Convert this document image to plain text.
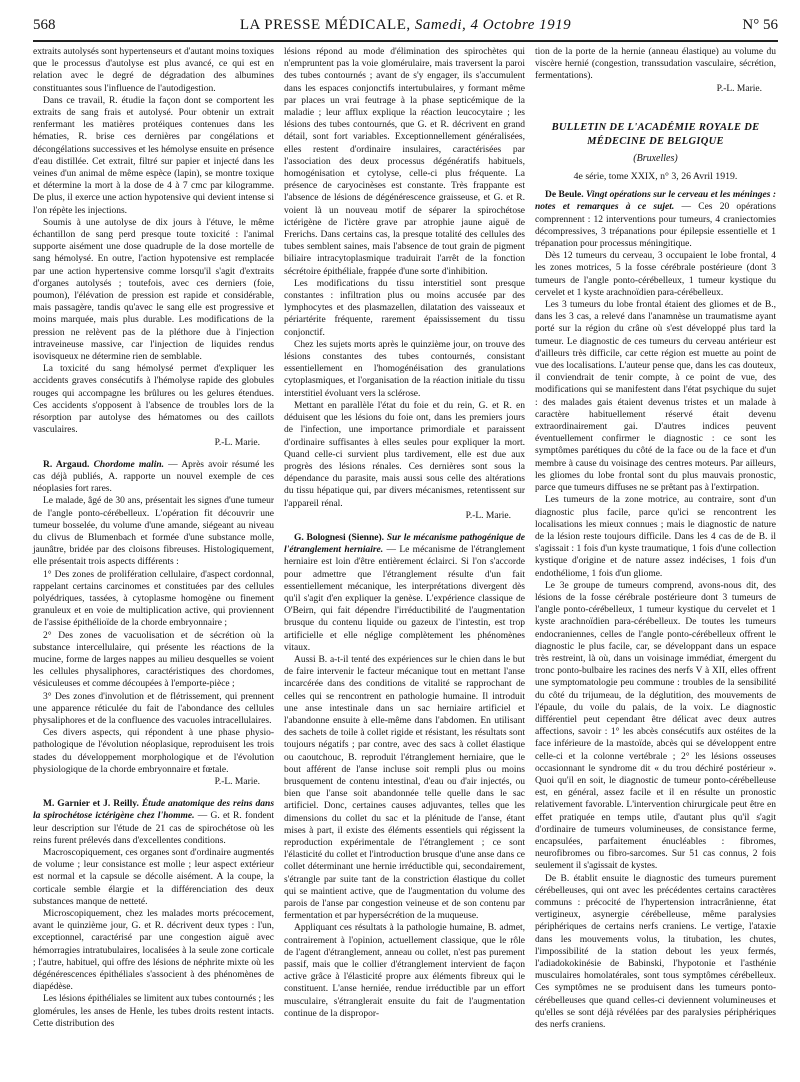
568	LA PRESSE MÉDICALE, Samedi, 4 Octobre 1919	N° 56

extraits autolysés sont hypertenseurs et d'autant moins toxiques que le processus d'autolyse est plus avancé, ce qui est en relation avec le degré de dégradation des albumines constituantes sous l'influence de l'autodigestion.

Dans ce travail, R. étudie la façon dont se comportent les extraits de sang frais et autolysé. Pour obtenir un extrait renfermant les matières protéiques contenues dans les hématies, R. brise ces dernières par congélations et décongélations successives et les hémolyse ensuite en présence d'eau distillée. Cet extrait, filtré sur papier et injecté dans les veines d'un animal de même espèce (lapin), se montre toxique et détermine la mort à la dose de 4 à 7 cmc par kilogramme. De plus, il exerce une action hypotensive qui devient intense si l'on répète les injections.

Soumis à une autolyse de dix jours à l'étuve, le même échantillon de sang perd presque toute toxicité : l'animal supporte aisément une dose quadruple de la dose mortelle de sang hémolysé. En outre, l'action hypotensive est remplacée par une action hypertensive comme lorsqu'il s'agit d'extraits d'organes autolysés ; toutefois, avec ces derniers (foie, poumon), l'élévation de pression est rapide et considérable, mais passagère, tandis qu'avec le sang elle est progressive et moins marquée, mais plus durable. Les modifications de la pression ne relèvent pas de la pléthore due à l'injection intraveineuse massive, car l'injection de liquides rendus isovisqueux ne détermine rien de semblable.

La toxicité du sang hémolysé permet d'expliquer les accidents graves consécutifs à l'hémolyse rapide des globules rouges qui accompagne les brûlures ou les gelures étendues. Ces accidents s'opposent à l'absence de troubles lors de la résorption par autolyse des hématomes ou des caillots vasculaires.

P.-L. Marie.

R. Argaud. Chordome malin. — Après avoir résumé les cas déjà publiés, A. rapporte un nouvel exemple de ces néoplasies fort rares.

Le malade, âgé de 30 ans, présentait les signes d'une tumeur de l'angle ponto-cérébelleux. L'opération fit découvrir une tumeur bosselée, du volume d'une amande, siégeant au niveau du clivus de Blumenbach et formée d'une substance molle, jaunâtre, bridée par des cloisons fibreuses. Histologiquement, elle présentait trois aspects différents :

1° Des zones de prolifération cellulaire, d'aspect cordonnal, rappelant certains carcinomes et constituées par des cellules polyédriques, tassées, à cytoplasme homogène ou finement granuleux et en voie de multiplication active, qui proviennent de l'assise épithélioïde de la chorde embryonnaire ;

2° Des zones de vacuolisation et de sécrétion où la substance intercellulaire, qui présente les réactions de la mucine, forme de larges nappes au milieu desquelles se voient les cellules physaliphores, caractéristiques des chordomes, vésiculeuses et comme découpées à l'emporte-pièce ;

3° Des zones d'involution et de flétrissement, qui prennent une apparence réticulée du fait de l'abondance des cellules physaliphores et de la confluence des vacuoles intracellulaires.

Ces divers aspects, qui répondent à une phase physio-pathologique de l'évolution néoplasique, reproduisent les trois stades du développement morphologique et de l'évolution physiologique de la chorde embryonnaire et fœtale.

P.-L. Marie.

M. Garnier et J. Reilly. Étude anatomique des reins dans la spirochétose ictérigène chez l'homme. — G. et R. fondent leur description sur l'étude de 21 cas de spirochétose où les reins furent prélevés dans d'excellentes conditions.

Macroscopiquement, ces organes sont d'ordinaire augmentés de volume ; leur consistance est molle ; leur aspect extérieur est normal et la capsule se décolle aisément. A la coupe, la corticale semble élargie et la différenciation des deux substances manque de netteté.

Microscopiquement, chez les malades morts précocement, avant le quinzième jour, G. et R. décrivent deux types : l'un, exceptionnel, caractérisé par une congestion aiguë avec hémorragies intratubulaires, localisées à la seule zone corticale ; l'autre, habituel, qui offre des lésions de néphrite mixte où les dégénérescences épithéliales s'associent à des phénomènes de diapédèse.

Les lésions épithéliales se limitent aux tubes contournés ; les glomérules, les anses de Henle, les tubes droits restent intacts. Cette distribution des

lésions répond au mode d'élimination des spirochètes qui n'empruntent pas la voie glomérulaire, mais traversent la paroi des tubes contournés ; avant de s'y engager, ils s'accumulent dans les espaces conjonctifs intertubulaires, y formant même par places un vrai feutrage à la phase septicémique de la maladie ; leur afflux explique la réaction leucocytaire ; les lésions des tubes contournés, que G. et R. décrivent en grand détail, sont fort variables. Exceptionnellement généralisées, elles restent d'ordinaire insulaires, caractérisées par l'association des deux processus dégénératifs habituels, homogénisation et cytolyse, celle-ci plus fréquente. La présence de caryocinèses est constante. Très frappante est l'absence de lésions de dégénérescence graisseuse, et G. et R. voient là un nouveau motif de séparer la spirochétose ictérigène de l'ictère grave par atrophie jaune aiguë de Frerichs. Dans certains cas, la presque totalité des cellules des tubes semblent saines, mais l'absence de tout grain de pigment biliaire intracytoplasmique traduirait l'arrêt de la fonction sécrétoire épithéliale, frappée d'une sorte d'inhibition.

Les modifications du tissu interstitiel sont presque constantes : infiltration plus ou moins accusée par des lymphocytes et des plasmazellen, dilatation des vaisseaux et périartérite fréquente, rarement épaississement du tissu conjonctif.

Chez les sujets morts après le quinzième jour, on trouve des lésions constantes des tubes contournés, consistant essentiellement en l'homogénéisation des granulations cytoplasmiques, et l'organisation de la réaction initiale du tissu interstitiel évoluant vers la sclérose.

Mettant en parallèle l'état du foie et du rein, G. et R. en déduisent que les lésions du foie ont, dans les premiers jours de l'infection, une importance primordiale et paraissent d'ordinaire suffisantes à elles seules pour expliquer la mort. Quand celle-ci survient plus tardivement, elle est due aux progrès des lésions rénales. Ces dernières sont sous la dépendance du parasite, mais aussi sous celle des altérations du tissu hépatique qui, par divers mécanismes, retentissent sur l'appareil rénal.

P.-L. Marie.

G. Bolognesi (Sienne). Sur le mécanisme pathogénique de l'étranglement herniaire. — Le mécanisme de l'étranglement herniaire est loin d'être entièrement éclairci. Si l'on s'accorde pour admettre que l'étranglement résulte d'un fait essentiellement mécanique, les interprétations divergent dès qu'il s'agit d'en expliquer la genèse. L'expérience classique de O'Beirn, qui fait dépendre l'irréductibilité de l'augmentation brusque du contenu liquide ou gazeux de l'intestin, est trop artificielle et elle néglige complètement les phénomènes vitaux.

Aussi B. a-t-il tenté des expériences sur le chien dans le but de faire intervenir le facteur mécanique tout en mettant l'anse incarcérée dans des conditions de vitalité se rapprochant de celles qui se rencontrent en pathologie humaine. Il introduit une anse intestinale dans un sac herniaire artificiel et l'abandonne ensuite à elle-même dans l'abdomen. En utilisant des sachets de toile à collet rigide et résistant, les résultats sont toujours négatifs ; par contre, avec des sacs à collet élastique ou caoutchouc, B. reproduit l'étranglement herniaire, que le bout afférent de l'anse incluse soit rempli plus ou moins brusquement de contenu intestinal, d'eau ou d'air injectés, ou bien que l'anse soit abandonnée telle quelle dans le sac artificiel. Donc, certaines causes adjuvantes, telles que les dimensions du collet du sac et la plénitude de l'anse, étant mises à part, il existe des éléments essentiels qui régissent la reproduction expérimentale de l'étranglement ; ce sont l'élasticité du collet et l'introduction brusque d'une anse dans ce collet déterminant une hernie irréductible qui, secondairement, s'étrangle par suite tant de la constriction élastique du collet qui se maintient active, que de l'augmentation du volume des parois de l'anse par congestion veineuse et de son contenu par fermentation et par hypersécrétion de la muqueuse.

Appliquant ces résultats à la pathologie humaine, B. admet, contrairement à l'opinion, actuellement classique, que le rôle de l'agent d'étranglement, anneau ou collet, n'est pas purement passif, mais que le collier d'étranglement intervient de façon active grâce à l'élasticité propre aux éléments fibreux qui le constituent. L'anse herniée, rendue irréductible par un effort musculaire, s'étranglerait ensuite du fait de l'augmentation continue de la dispropor-

tion de la porte de la hernie (anneau élastique) au volume du viscère hernié (congestion, transsudation vasculaire, sécrétion, fermentations).

P.-L. Marie.

BULLETIN DE L'ACADÉMIE ROYALE DE MÉDECINE DE BELGIQUE
(Bruxelles)
4e série, tome XXIX, n° 3, 26 Avril 1919.

De Beule. Vingt opérations sur le cerveau et les méninges : notes et remarques à ce sujet. — Ces 20 opérations comprennent : 12 interventions pour tumeurs, 4 craniectomies décompressives, 3 trépanations pour épilepsie essentielle et 1 trépanation pour processus méningitique.

Dès 12 tumeurs du cerveau, 3 occupaient le lobe frontal, 4 les zones motrices, 5 la fosse cérébrale postérieure (dont 3 tumeurs de l'angle ponto-cérébelleux, 1 tumeur kystique du cervelet et 1 kyste arachnoïdien para-cérébelleux.

Les 3 tumeurs du lobe frontal étaient des gliomes et de B., dans les 3 cas, a relevé dans l'anamnèse un traumatisme ayant porté sur la région du crâne où s'est développé plus tard la tumeur. Le diagnostic de ces tumeurs du cerveau antérieur est d'ailleurs très difficile, car cette région est muette au point de vue des localisations. L'auteur pense que, dans les cas douteux, il conviendrait de tenir compte, à ce point de vue, des modifications qui se manifestent dans l'état psychique du sujet : des malades gais étaient devenus tristes et un malade à caractère habituellement réservé était devenu extraordinairement gai. D'autres indices peuvent éventuellement confirmer le diagnostic : ce sont les symptômes parétiques du côté de la face ou de la face et d'un membre à cause du voisinage des centres moteurs. Par ailleurs, les gliomes du lobe frontal sont du plus mauvais pronostic, parce que tumeurs diffuses ne se prêtant pas à l'extirpation.

Les tumeurs de la zone motrice, au contraire, sont d'un diagnostic plus facile, parce qu'ici se rencontrent les localisations les mieux connues ; mais le diagnostic de nature de la lésion reste toujours difficile. Dans les 4 cas de de B. il s'agissait : 1 fois d'un kyste traumatique, 1 fois d'une collection kystique d'origine et de nature assez indécises, 1 fois d'un endothéliome, 1 fois d'un gliome.

Le 3e groupe de tumeurs comprend, avons-nous dit, des lésions de la fosse cérébrale postérieure dont 3 tumeurs de l'angle ponto-cérébelleux, 1 tumeur kystique du cervelet et 1 kyste arachnoïdien para-cérébelleux. De toutes les tumeurs endocraniennes, celles de l'angle ponto-cérébelleux offrent le diagnostic le plus facile, car, se développant dans un espace très restreint, là où, dans un voisinage immédiat, émergent du tronc ponto-bulbaire les racines des nerfs V à XII, elles offrent une symptomatologie peu commune : troubles de la sensibilité du côté du trijumeau, de la déglutition, des mouvements de l'épaule, du voile du palais, de la voix. Le diagnostic différentiel peut cependant être délicat avec deux autres affections, savoir : 1° les abcès consécutifs aux ostéites de la face inférieure de la mastoïde, abcès qui se développent entre celle-ci et la colonne vertébrale ; 2° les lésions osseuses occasionnant le syndrome dit « du trou déchiré postérieur ». Quoi qu'il en soit, le diagnostic de tumeur ponto-cérébelleuse est, en général, assez facile et il en résulte un pronostic relativement favorable. L'intervention chirurgicale peut être en effet pratiquée en temps utile, d'autant plus qu'il s'agit d'ordinaire de tumeurs volumineuses, de consistance ferme, encapsulées, parfaitement énucléables : fibromes, neurofibromes ou fibro-sarcomes. Sur 51 cas connus, 2 fois seulement il s'agissait de kystes.

De B. établit ensuite le diagnostic des tumeurs purement cérébelleuses, qui ont avec les précédentes certains caractères communs : précocité de l'hypertension intracrânienne, état vertigineux, asynergie cérébelleuse, même paralysies périphériques de certains nerfs craniens. Le vertige, l'ataxie dans les mouvements volus, la titubation, les chutes, l'impossibilité de la station debout les yeux fermés, l'adiadokokinésie de Babinski, l'hypotonie et l'asthénie musculaires homolatérales, sont tous symptômes cérébelleux. Ces symptômes ne se produisent dans les tumeurs ponto-cérébelleuses que quand celles-ci deviennent volumineuses et qu'elles se sont déjà révélées par des paralysies périphériques des nerfs craniens.
